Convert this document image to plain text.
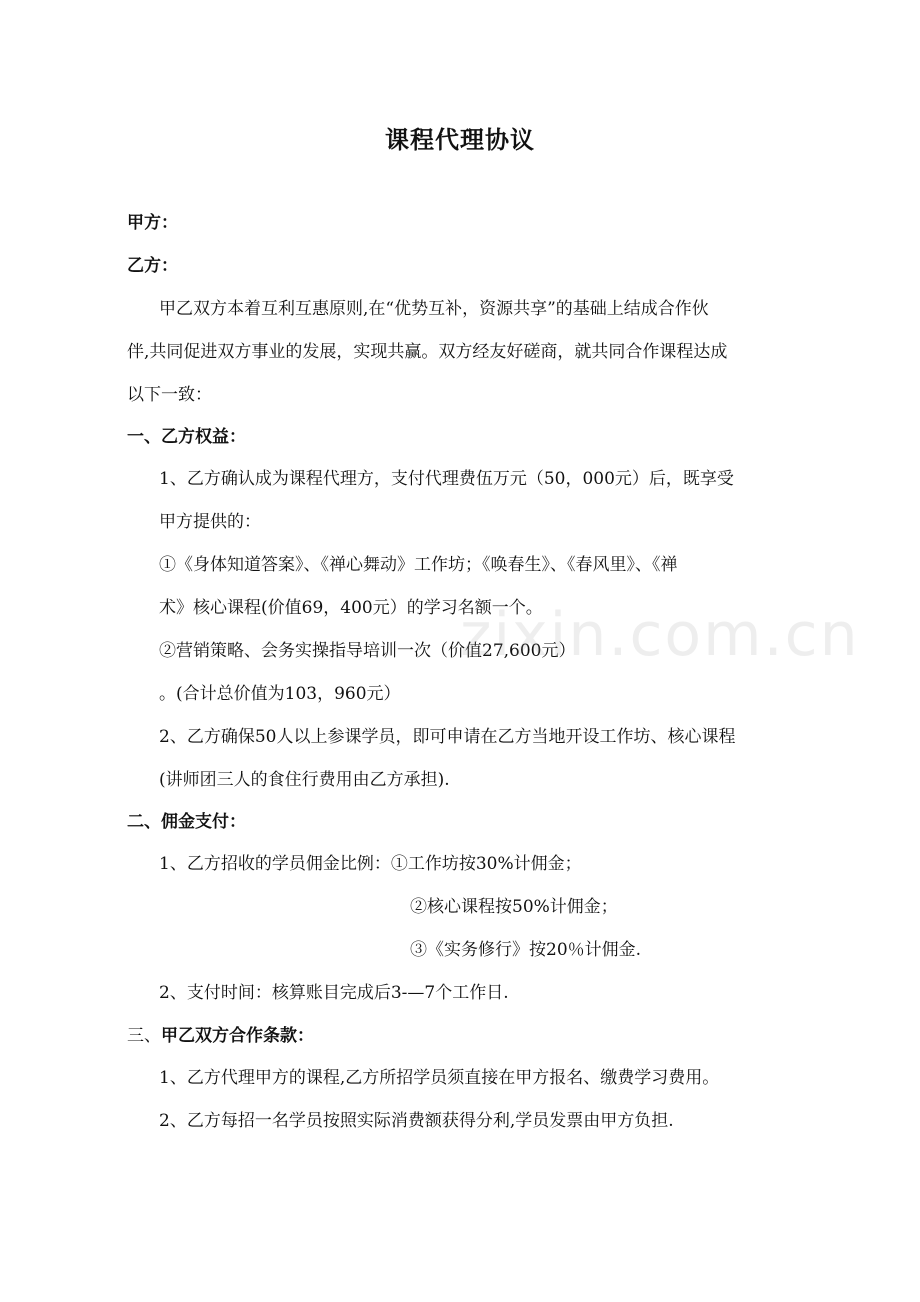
课程代理协议
甲方：
乙方：
甲乙双方本着互利互惠原则,在“优势互补，资源共享”的基础上结成合作伙
伴,共同促进双方事业的发展，实现共赢。双方经友好磋商，就共同合作课程达成
以下一致：
一、乙方权益：
1、乙方确认成为课程代理方，支付代理费伍万元（50，000元）后，既享受
甲方提供的：
①《身体知道答案》、《禅心舞动》工作坊；《唤春生》、《春风里》、《禅
术》核心课程(价值69，400元）的学习名额一个。
②营销策略、会务实操指导培训一次（价值27,600元）
。(合计总价值为103，960元）
2、乙方确保50人以上参课学员，即可申请在乙方当地开设工作坊、核心课程
(讲师团三人的食住行费用由乙方承担).
二、佣金支付：
1、乙方招收的学员佣金比例：①工作坊按30%计佣金；
②核心课程按50%计佣金；
③《实务修行》按20％计佣金.
2、支付时间：核算账目完成后3-—7个工作日.
三、甲乙双方合作条款：
1、乙方代理甲方的课程,乙方所招学员须直接在甲方报名、缴费学习费用。
2、乙方每招一名学员按照实际消费额获得分利,学员发票由甲方负担.
zixin.com.cn
